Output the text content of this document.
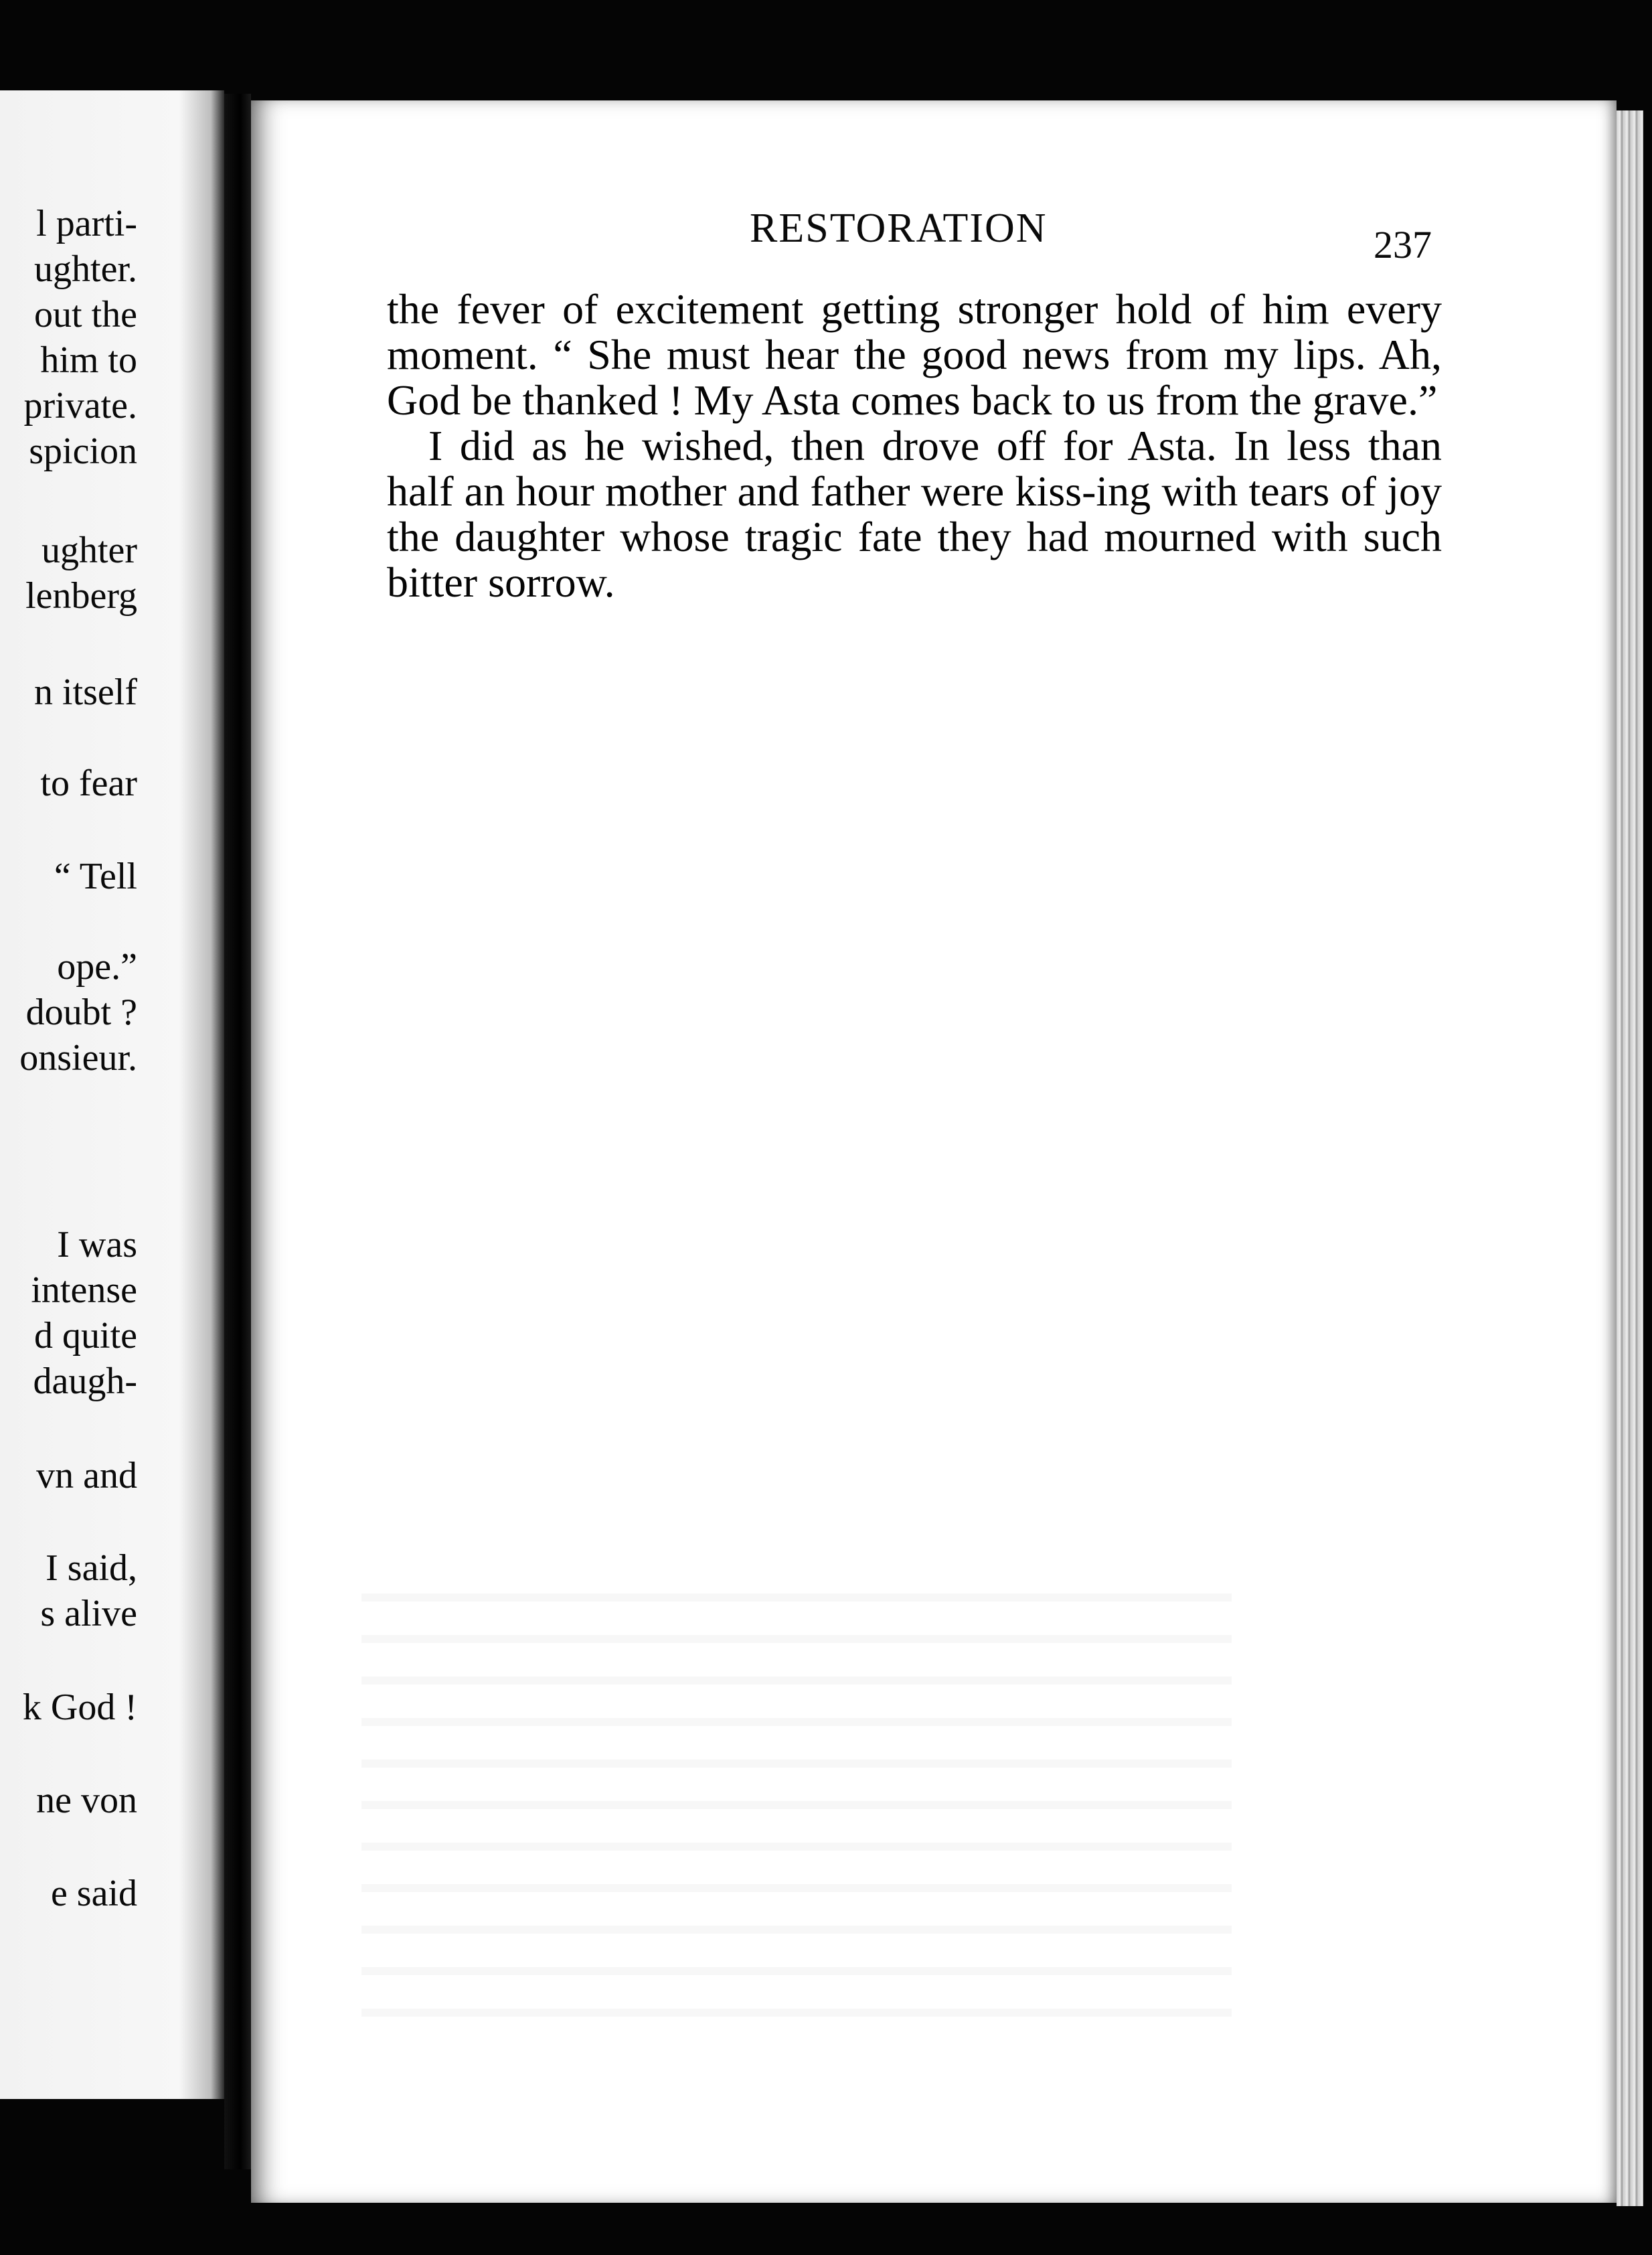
l parti-
ughter.
out the
him to
private.
spicion
ughter
lenberg
n itself
to fear
“ Tell
ope.”
doubt ?
onsieur.
I was
intense
d quite
daugh-
vn and
I said,
s alive
k God !
ne von
e said
RESTORATION	237

the fever of excitement getting stronger hold of him every moment. “ She must hear the good news from my lips. Ah, God be thanked ! My Asta comes back to us from the grave.”

I did as he wished, then drove off for Asta. In less than half an hour mother and father were kiss-ing with tears of joy the daughter whose tragic fate they had mourned with such bitter sorrow.
